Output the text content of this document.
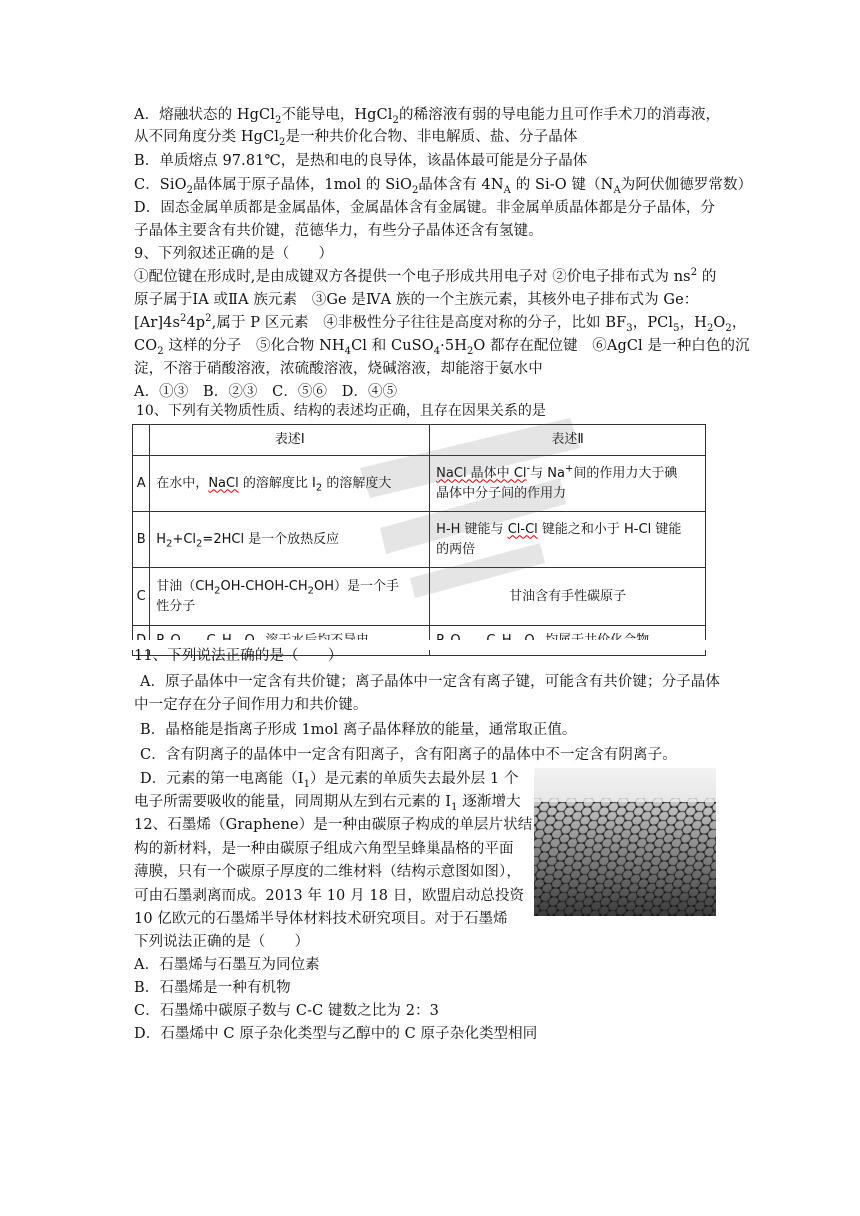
A．熔融状态的 HgCl$_2$不能导电，HgCl$_2$的稀溶液有弱的导电能力且可作手术刀的消毒液，
从不同角度分类 HgCl$_2$是一种共价化合物、非电解质、盐、分子晶体
B．单质熔点 97.81℃，是热和电的良导体，该晶体最可能是分子晶体
C．SiO$_2$晶体属于原子晶体，1mol 的 SiO$_2$晶体含有 $4N_A$ 的 Si-O 键（$N_A$为阿伏伽德罗常数）
D．固态金属单质都是金属晶体，金属晶体含有金属键。非金属单质晶体都是分子晶体，分
子晶体主要含有共价键，范德华力，有些分子晶体还含有氢键。
9、下列叙述正确的是（　　）
①配位键在形成时,是由成键双方各提供一个电子形成共用电子对 ②价电子排布式为 $ns^2$ 的
原子属于ⅠA 或ⅡA 族元素　③Ge 是ⅣA 族的一个主族元素，其核外电子排布式为 Ge：
$[Ar]4s^24p^2$,属于 P 区元素　④非极性分子往往是高度对称的分子，比如 $BF_3$，PCl$_5$，$H_2O_2$，
$CO_2$ 这样的分子　⑤化合物 $NH_4Cl$ 和 $CuSO_4\cdot 5H_2O$ 都存在配位键　⑥AgCl 是一种白色的沉
淀，不溶于硝酸溶液，浓硫酸溶液，烧碱溶液，却能溶于氨水中
A．①③　B．②③　C．⑤⑥　D．④⑤
10、下列有关物质性质、结构的表述均正确，且存在因果关系的是
	表述Ⅰ	表述Ⅱ
A	在水中，NaCl 的溶解度比 $I_2$ 的溶解度大	NaCl 晶体中 Cl-与 Na+间的作用力大于碘
晶体中分子间的作用力
B	$H_2+Cl_2=2HCl$ 是一个放热反应	H-H 键能与 Cl-Cl 键能之和小于 H-Cl 键能
的两倍
C	甘油$(CH_2OH-CHOH-CH_2OH)$是一个手
性分子	甘油含有手性碳原子

11、下列说法正确的是（　　）
A．原子晶体中一定含有共价键；离子晶体中一定含有离子键，可能含有共价键；分子晶体
中一定存在分子间作用力和共价键。
B．晶格能是指离子形成 1mol 离子晶体释放的能量，通常取正值。
C．含有阴离子的晶体中一定含有阳离子，含有阳离子的晶体中不一定含有阴离子。
D．元素的第一电离能$(I_1)$是元素的单质失去最外层 1 个
电子所需要吸收的能量，同周期从左到右元素的 $I_1$ 逐渐增大
12、石墨烯（Graphene）是一种由碳原子构成的单层片状结
构的新材料，是一种由碳原子组成六角型呈蜂巢晶格的平面
薄膜，只有一个碳原子厚度的二维材料（结构示意图如图），
可由石墨剥离而成。2013 年 10 月 18 日，欧盟启动总投资
10 亿欧元的石墨烯半导体材料技术研究项目。对于石墨烯
下列说法正确的是（　　）
A．石墨烯与石墨互为同位素
B．石墨烯是一种有机物
C．石墨烯中碳原子数与 C-C 键数之比为 2：3
D．石墨烯中 C 原子杂化类型与乙醇中的 C 原子杂化类型相同
